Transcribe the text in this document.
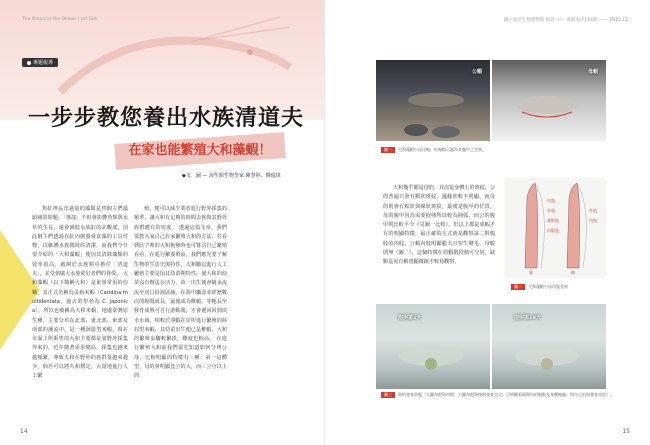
The Omics in the Ocean | vol.114
專題報導
一步步教您養出水族清道夫
在家也能繁殖大和藻蝦！
◆文．圖 — 海生館生物學家 陳慧婷、韓俊瑋

魚缸裡長出過量的藻類是魚飼主們最頭痛的問題，「導演」不但會影響魚類與水草的生長，還會減低水族缸的美觀度，因此飼主們透過在缸內飼養會食藻的工具性物，以維護水族環境的清潔，而我們今日要介紹的「大和藻蝦」便因其清除藻類的效率很高，被飼於水族箱中擔任「清道夫」，並受到廣大水族愛好者們的喜愛。 大和藻蝦（以下簡稱大和）是東界常用的俗稱，其正式名稱為多齒米蝦（Caridina multidentata，過去的學名為 C. japonica），所以也被稱為大和米蝦，地處臺灣原生種，主要分布在北部、東北部、東部及南部的溪流中，是一種洄游型米蝦，現在市面上所販售的大和主要都是靠野外採集得來的，近年隨著需求變高，採集也越來越頻繁，導致大和在野外的族群量越來越少，倘若可以將大和穩定，大量地進行人工繁

殖，便可以減少業者進行野外採集的頻率，讓大和有足夠的時間去恢復其野外族群應有的密度。 透過這篇文章，我們要教大家自己在家繁殖大和的方法，若看到肚子裡的大和抱卵時也可嘗試自己繁殖看看，在進行繁養殖前，我們應先要了解生物的生活史與特性，大和屬以進行人工繁殖主要是因其幼苗期特性，使大和的幼苗沒有辦法存活力，故一出生便會隨水流流至河口沿海區域，在海中攝食並經歷數次的脫殼成長，最後成為稚蝦，等牠長至發育成熟可自行游動後，才會遷回回到淡水水域，相較於淨蝦在居所進行繁殖的陸封型米蝦，其幼苗出生便已是稚蝦，大和的繁殖步驟較繁瑣，難度也較高。 在進行繁殖大和前我們要先知道如何分辨公母，比較明顯的特徵有三種：第一是體型，母的會明顯比公的大，而三公分以上的

14
國立海洋生物博物館 館訊 —— 會館海洋114期 —— 2022.12
公蝦	母蝦
圖一 大和藻蝦公母比較，紅線標示處為其腹甲之差異。

大和幾乎都是母的，其次是身體上的斑紋，公的普遍只會有點狀斑紋，邊緣狀較不明顯，而母的則會有點狀與線狀斑紋，最後是腹甲的位置，母的腹甲因為需要抱卵所以較為圓弧，而公的腹甲則比較平今（見圖一比較）。但以上都是成蝦才有的明顯特徵，最正確的方式就是觀察第二對腹肢的內肢，公蝦內肢明顯膨大且密生剛毛，母蝦則無（圖二），這個特徵在幼蝦階段便可分別，缺點是需有解剖顯微鏡才較易觀察。

內肢
外肢
雄附肢
內附肢
雄	雌
外肢
內肢
圖二 大和藻蝦公母內肢差異
抱卵第1天	抱卵第14天
圖三 卵的發育狀態（左圖為抱卵初期，右圖為抱卵後期發育完全，可明顯看到卵內的眼點及身體線條。照片已拍照發育良好）。
15
